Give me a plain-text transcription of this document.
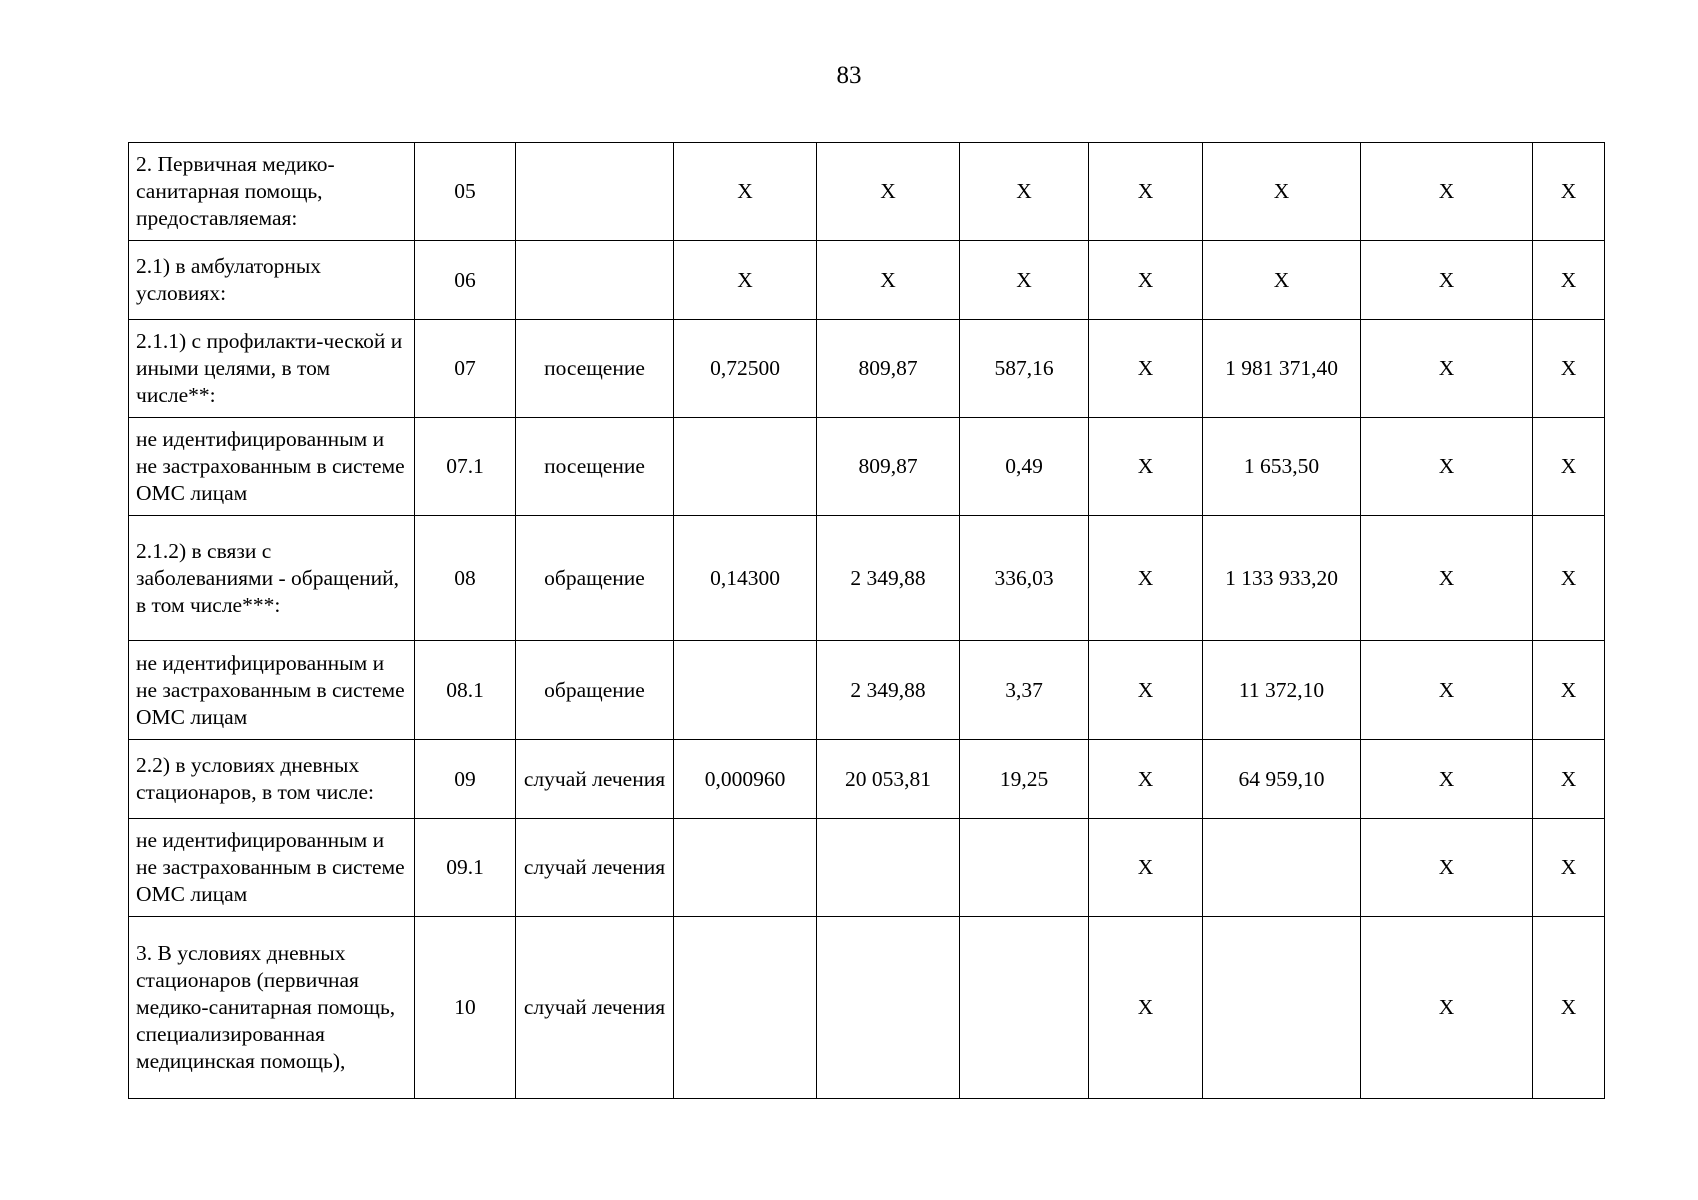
83
2. Первичная медико-санитарная помощь, предоставляемая:	05		X	X	X	X	X	X	X
2.1) в амбулаторных условиях:	06		X	X	X	X	X	X	X
2.1.1) с профилакти-ческой и иными целями, в том числе**:	07	посещение	0,72500	809,87	587,16	X	1 981 371,40	X	X
не идентифицированным и не застрахованным в системе ОМС лицам	07.1	посещение		809,87	0,49	X	1 653,50	X	X
2.1.2) в связи с заболеваниями - обращений, в том числе***:	08	обращение	0,14300	2 349,88	336,03	X	1 133 933,20	X	X
не идентифицированным и не застрахованным в системе ОМС лицам	08.1	обращение		2 349,88	3,37	X	11 372,10	X	X
2.2) в условиях дневных стационаров, в том числе:	09	случай лечения	0,000960	20 053,81	19,25	X	64 959,10	X	X
не идентифицированным и не застрахованным в системе ОМС лицам	09.1	случай лечения				X		X	X
3. В условиях дневных стационаров (первичная медико-санитарная помощь, специализированная медицинская помощь),	10	случай лечения				X		X	X
